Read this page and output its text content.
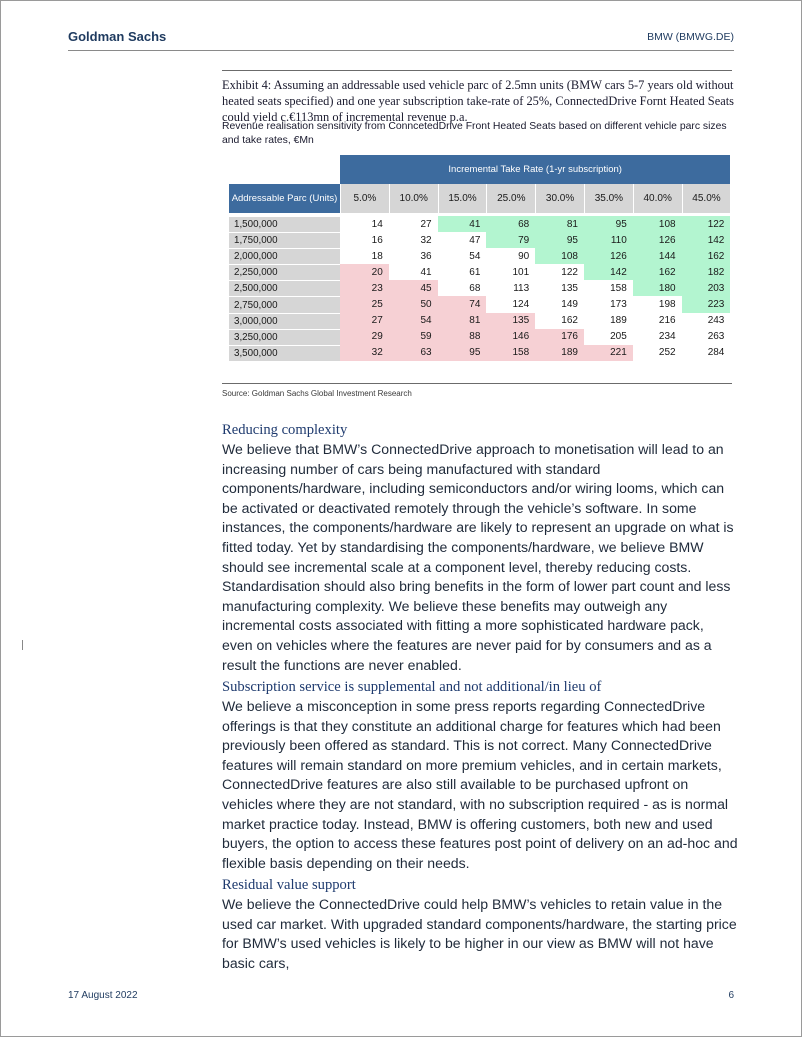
Goldman Sachs	BMW (BMWG.DE)
Exhibit 4: Assuming an addressable used vehicle parc of 2.5mn units (BMW cars 5-7 years old without heated seats specified) and one year subscription take-rate of 25%, ConnectedDrive Fornt Heated Seats could yield c.€113mn of incremental revenue p.a.
Revenue realisation sensitivity from ConncetedDrive Front Heated Seats based on different vehicle parc sizes and take rates, €Mn
	Incremental Take Rate (1-yr subscription)							
Addressable Parc (Units)	5.0%	10.0%	15.0%	25.0%	30.0%	35.0%	40.0%	45.0%

1,500,000	14	27	41	68	81	95	108	122
1,750,000	16	32	47	79	95	110	126	142
2,000,000	18	36	54	90	108	126	144	162
2,250,000	20	41	61	101	122	142	162	182
2,500,000	23	45	68	113	135	158	180	203
2,750,000	25	50	74	124	149	173	198	223
3,000,000	27	54	81	135	162	189	216	243
3,250,000	29	59	88	146	176	205	234	263
3,500,000	32	63	95	158	189	221	252	284
Source: Goldman Sachs Global Investment Research
Reducing complexity
We believe that BMW’s ConnectedDrive approach to monetisation will lead to an increasing number of cars being manufactured with standard components/hardware, including semiconductors and/or wiring looms, which can be activated or deactivated remotely through the vehicle’s software. In some instances, the components/hardware are likely to represent an upgrade on what is fitted today. Yet by standardising the components/hardware, we believe BMW should see incremental scale at a component level, thereby reducing costs. Standardisation should also bring benefits in the form of lower part count and less manufacturing complexity. We believe these benefits may outweigh any incremental costs associated with fitting a more sophisticated hardware pack, even on vehicles where the features are never paid for by consumers and as a result the functions are never enabled.
Subscription service is supplemental and not additional/in lieu of
We believe a misconception in some press reports regarding ConnectedDrive offerings is that they constitute an additional charge for features which had been previously been offered as standard. This is not correct. Many ConnectedDrive features will remain standard on more premium vehicles, and in certain markets, ConnectedDrive features are also still available to be purchased upfront on vehicles where they are not standard, with no subscription required - as is normal market practice today. Instead, BMW is offering customers, both new and used buyers, the option to access these features post point of delivery on an ad-hoc and flexible basis depending on their needs.
Residual value support
We believe the ConnectedDrive could help BMW’s vehicles to retain value in the used car market. With upgraded standard components/hardware, the starting price for BMW’s used vehicles is likely to be higher in our view as BMW will not have basic cars,
17 August 2022	6
